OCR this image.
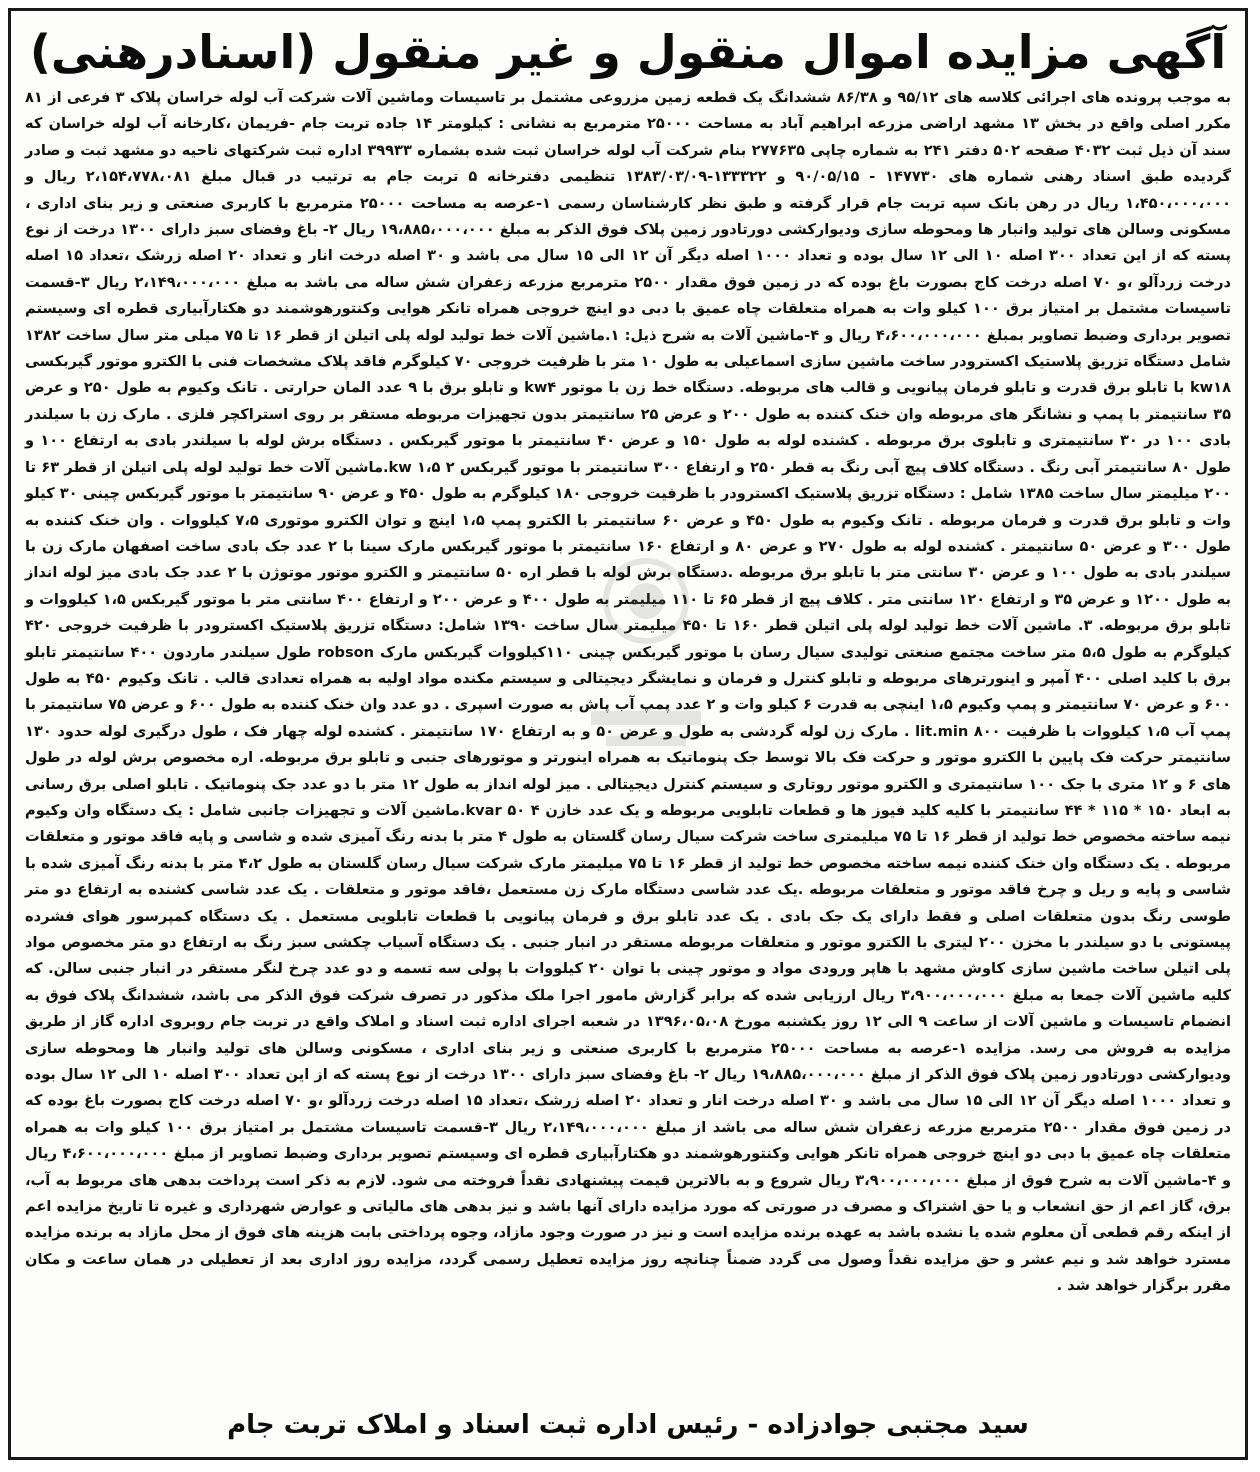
آگهی مزایده اموال منقول و غیر منقول (اسنادرهنی)

به موجب پرونده های اجرائی کلاسه های ۹۵/۱۲ و ۸۶/۳۸ ششدانگ یک قطعه زمین مزروعی مشتمل بر تاسیسات وماشین آلات شرکت آب لوله خراسان پلاک ۳ فرعی از ۸۱ مکرر اصلی واقع در بخش ۱۳ مشهد اراضی مزرعه ابراهیم آباد به مساحت ۲۵۰۰۰ مترمربع به نشانی : کیلومتر ۱۴ جاده تربت جام -فریمان ،کارخانه آب لوله خراسان که سند آن ذیل ثبت ۴۰۳۲ صفحه ۵۰۲ دفتر ۲۴۱ به شماره چاپی ۲۷۷۶۳۵ بنام شرکت آب لوله خراسان ثبت شده بشماره ۳۹۹۳۳ اداره ثبت شرکتهای ناحیه دو مشهد ثبت و صادر گردیده طبق اسناد رهنی شماره های ۱۴۷۷۳۰ - ۹۰/۰۵/۱۵ و ۱۳۳۳۲۲-۱۳۸۳/۰۳/۰۹ تنظیمی دفترخانه ۵ تربت جام به ترتیب در قبال مبلغ ۲،۱۵۴،۷۷۸،۰۸۱ ریال و ۱،۴۵۰،۰۰۰،۰۰۰ ریال در رهن بانک سپه تربت جام قرار گرفته و طبق نظر کارشناسان رسمی ۱-عرصه به مساحت ۲۵۰۰۰ مترمربع با کاربری صنعتی و زیر بنای اداری ، مسکونی وسالن های تولید وانبار ها ومحوطه سازی ودیوارکشی دورتادور زمین پلاک فوق الذکر به مبلغ ۱۹،۸۸۵،۰۰۰،۰۰۰ ریال ۲- باغ وفضای سبز دارای ۱۳۰۰ درخت از نوع پسته که از این تعداد ۳۰۰ اصله ۱۰ الی ۱۲ سال بوده و تعداد ۱۰۰۰ اصله دیگر آن ۱۲ الی ۱۵ سال می باشد و ۳۰ اصله درخت انار و تعداد ۲۰ اصله زرشک ،تعداد ۱۵ اصله درخت زردآلو ،و ۷۰ اصله درخت کاج بصورت باغ بوده که در زمین فوق مقدار ۲۵۰۰ مترمربع مزرعه زعفران شش ساله می باشد به مبلغ ۲،۱۴۹،۰۰۰،۰۰۰ ریال ۳-قسمت تاسیسات مشتمل بر امتیاز برق ۱۰۰ کیلو وات به همراه متعلقات چاه عمیق با دبی دو اینچ خروجی همراه تانکر هوایی وکنتورهوشمند دو هکتارآبیاری قطره ای وسیستم تصویر برداری وضبط تصاویر بمبلغ ۴،۶۰۰،۰۰۰،۰۰۰ ریال و ۴-ماشین آلات به شرح ذیل: ۱.ماشین آلات خط تولید لوله پلی اتیلن از قطر ۱۶ تا ۷۵ میلی متر سال ساخت ۱۳۸۲ شامل دستگاه تزریق پلاستیک اکسترودر ساخت ماشین سازی اسماعیلی به طول ۱۰ متر با ظرفیت خروجی ۷۰ کیلوگرم فاقد پلاک مشخصات فنی با الکترو موتور گیربکسی kw۱۸ با تابلو برق قدرت و تابلو فرمان پیانویی و قالب های مربوطه. دستگاه خط زن با موتور kw۴ و تابلو برق با ۹ عدد المان حرارتی . تانک وکیوم به طول ۲۵۰ و عرض ۳۵ سانتیمتر با پمپ و نشانگر های مربوطه وان خنک کننده به طول ۲۰۰ و عرض ۲۵ سانتیمتر بدون تجهیزات مربوطه مستقر بر روی استراکچر فلزی . مارک زن با سیلندر بادی ۱۰۰ در ۳۰ سانتیمتری و تابلوی برق مربوطه . کشنده لوله به طول ۱۵۰ و عرض ۴۰ سانتیمتر با موتور گیربکس . دستگاه برش لوله با سیلندر بادی به ارتفاع ۱۰۰ و طول ۸۰ سانتیمتر آبی رنگ . دستگاه کلاف پیچ آبی رنگ به قطر ۲۵۰ و ارتفاع ۳۰۰ سانتیمتر با موتور گیربکس kw ۱،۵ ۲.ماشین آلات خط تولید لوله پلی اتیلن از قطر ۶۳ تا ۲۰۰ میلیمتر سال ساخت ۱۳۸۵ شامل : دستگاه تزریق پلاستیک اکسترودر با ظرفیت خروجی ۱۸۰ کیلوگرم به طول ۴۵۰ و عرض ۹۰ سانتیمتر با موتور گیربکس چینی ۳۰ کیلو وات و تابلو برق قدرت و فرمان مربوطه . تانک وکیوم به طول ۴۵۰ و عرض ۶۰ سانتیمتر با الکترو پمپ ۱،۵ اینچ و توان الکترو موتوری ۷،۵ کیلووات . وان خنک کننده به طول ۳۰۰ و عرض ۵۰ سانتیمتر . کشنده لوله به طول ۲۷۰ و عرض ۸۰ و ارتفاع ۱۶۰ سانتیمتر با موتور گیربکس مارک سینا با ۲ عدد جک بادی ساخت اصفهان مارک زن با سیلندر بادی به طول ۱۰۰ و عرض ۳۰ سانتی متر با تابلو برق مربوطه .دستگاه برش لوله با قطر اره ۵۰ سانتیمتر و الکترو موتور موتوژن با ۲ عدد جک بادی میز لوله انداز به طول ۱۲۰۰ و عرض ۳۵ و ارتفاع ۱۲۰ سانتی متر . کلاف پیچ از قطر ۶۵ تا ۱۱۰ میلیمتر به طول ۴۰۰ و عرض ۲۰۰ و ارتفاع ۴۰۰ سانتی متر با موتور گیربکس ۱،۵ کیلووات و تابلو برق مربوطه. ۳. ماشین آلات خط تولید لوله پلی اتیلن قطر ۱۶۰ تا ۴۵۰ میلیمتر سال ساخت ۱۳۹۰ شامل: دستگاه تزریق پلاستیک اکسترودر با ظرفیت خروجی ۴۲۰ کیلوگرم به طول ۵،۵ متر ساخت مجتمع صنعتی تولیدی سیال رسان با موتور گیربکس چینی ۱۱۰کیلووات گیربکس مارک robson طول سیلندر ماردون ۴۰۰ سانتیمتر تابلو برق با کلید اصلی ۴۰۰ آمپر و اینورترهای مربوطه و تابلو کنترل و فرمان و نمایشگر دیجیتالی و سیستم مکنده مواد اولیه به همراه تعدادی قالب . تانک وکیوم ۴۵۰ به طول ۶۰۰ و عرض ۷۰ سانتیمتر و پمپ وکیوم ۱،۵ اینچی به قدرت ۶ کیلو وات و ۲ عدد پمپ آب پاش به صورت اسپری . دو عدد وان خنک کننده به طول ۶۰۰ و عرض ۷۵ سانتیمتر با پمپ آب ۱،۵ کیلووات با ظرفیت ۸۰۰ lit.min . مارک زن لوله گردشی به طول و عرض ۵۰ و به ارتفاع ۱۷۰ سانتیمتر . کشنده لوله چهار فک ، طول درگیری لوله حدود ۱۳۰ سانتیمتر حرکت فک پایین با الکترو موتور و حرکت فک بالا توسط جک پنوماتیک به همراه اینورتر و موتورهای جنبی و تابلو برق مربوطه. اره مخصوص برش لوله در طول های ۶ و ۱۲ متری با جک ۱۰۰ سانتیمتری و الکترو موتور روتاری و سیستم کنترل دیجیتالی . میز لوله انداز به طول ۱۲ متر با دو عدد جک پنوماتیک . تابلو اصلی برق رسانی به ابعاد ۱۵۰ * ۱۱۵ * ۴۴ سانتیمتر با کلیه کلید فیوز ها و قطعات تابلویی مربوطه و یک عدد خازن kvar ۵۰ ۴.ماشین آلات و تجهیزات جانبی شامل : یک دستگاه وان وکیوم نیمه ساخته مخصوص خط تولید از قطر ۱۶ تا ۷۵ میلیمتری ساخت شرکت سیال رسان گلستان به طول ۴ متر با بدنه رنگ آمیزی شده و شاسی و پایه فاقد موتور و متعلقات مربوطه . یک دستگاه وان خنک کننده نیمه ساخته مخصوص خط تولید از قطر ۱۶ تا ۷۵ میلیمتر مارک شرکت سیال رسان گلستان به طول ۴،۲ متر با بدنه رنگ آمیزی شده با شاسی و پایه و ریل و چرخ فاقد موتور و متعلقات مربوطه .یک عدد شاسی دستگاه مارک زن مستعمل ،فاقد موتور و متعلقات . یک عدد شاسی کشنده به ارتفاع دو متر طوسی رنگ بدون متعلقات اصلی و فقط دارای یک جک بادی . یک عدد تابلو برق و فرمان پیانویی با قطعات تابلویی مستعمل . یک دستگاه کمپرسور هوای فشرده پیستونی با دو سیلندر با مخزن ۲۰۰ لیتری با الکترو موتور و متعلقات مربوطه مستقر در انبار جنبی . یک دستگاه آسیاب چکشی سبز رنگ به ارتفاع دو متر مخصوص مواد پلی اتیلن ساخت ماشین سازی کاوش مشهد با هاپر ورودی مواد و موتور چینی با توان ۲۰ کیلووات با پولی سه تسمه و دو عدد چرخ لنگر مستقر در انبار جنبی سالن. که کلیه ماشین آلات جمعا به مبلغ ۳،۹۰۰،۰۰۰،۰۰۰ ریال ارزیابی شده که برابر گزارش مامور اجرا ملک مذکور در تصرف شرکت فوق الذکر می باشد، ششدانگ پلاک فوق به انضمام تاسیسات و ماشین آلات از ساعت ۹ الی ۱۲ روز یکشنبه مورخ ۱۳۹۶،۰۵،۰۸ در شعبه اجرای اداره ثبت اسناد و املاک واقع در تربت جام روبروی اداره گاز از طریق مزایده به فروش می رسد. مزایده ۱-عرصه به مساحت ۲۵۰۰۰ مترمربع با کاربری صنعتی و زیر بنای اداری ، مسکونی وسالن های تولید وانبار ها ومحوطه سازی ودیوارکشی دورتادور زمین پلاک فوق الذکر از مبلغ ۱۹،۸۸۵،۰۰۰،۰۰۰ ریال ۲- باغ وفضای سبز دارای ۱۳۰۰ درخت از نوع پسته که از این تعداد ۳۰۰ اصله ۱۰ الی ۱۲ سال بوده و تعداد ۱۰۰۰ اصله دیگر آن ۱۲ الی ۱۵ سال می باشد و ۳۰ اصله درخت انار و تعداد ۲۰ اصله زرشک ،تعداد ۱۵ اصله درخت زردآلو ،و ۷۰ اصله درخت کاج بصورت باغ بوده که در زمین فوق مقدار ۲۵۰۰ مترمربع مزرعه زعفران شش ساله می باشد از مبلغ ۲،۱۴۹،۰۰۰،۰۰۰ ریال ۳-قسمت تاسیسات مشتمل بر امتیاز برق ۱۰۰ کیلو وات به همراه متعلقات چاه عمیق با دبی دو اینچ خروجی همراه تانکر هوایی وکنتورهوشمند دو هکتارآبیاری قطره ای وسیستم تصویر برداری وضبط تصاویر از مبلغ ۴،۶۰۰،۰۰۰،۰۰۰ ریال و ۴-ماشین آلات به شرح فوق از مبلغ ۳،۹۰۰،۰۰۰،۰۰۰ ریال شروع و به بالاترین قیمت پیشنهادی نقداً فروخته می شود. لازم به ذکر است پرداخت بدهی های مربوط به آب، برق، گاز اعم از حق انشعاب و یا حق اشتراک و مصرف در صورتی که مورد مزایده دارای آنها باشد و نیز بدهی های مالیاتی و عوارض شهرداری و غیره تا تاریخ مزایده اعم از اینکه رقم قطعی آن معلوم شده یا نشده باشد به عهده برنده مزایده است و نیز در صورت وجود مازاد، وجوه پرداختی بابت هزینه های فوق از محل مازاد به برنده مزایده مسترد خواهد شد و نیم عشر و حق مزایده نقداً وصول می گردد ضمناً چنانچه روز مزایده تعطیل رسمی گردد، مزایده روز اداری بعد از تعطیلی در همان ساعت و مکان مقرر برگزار خواهد شد .

سید مجتبی جوادزاده - رئیس اداره ثبت اسناد و املاک تربت جام
